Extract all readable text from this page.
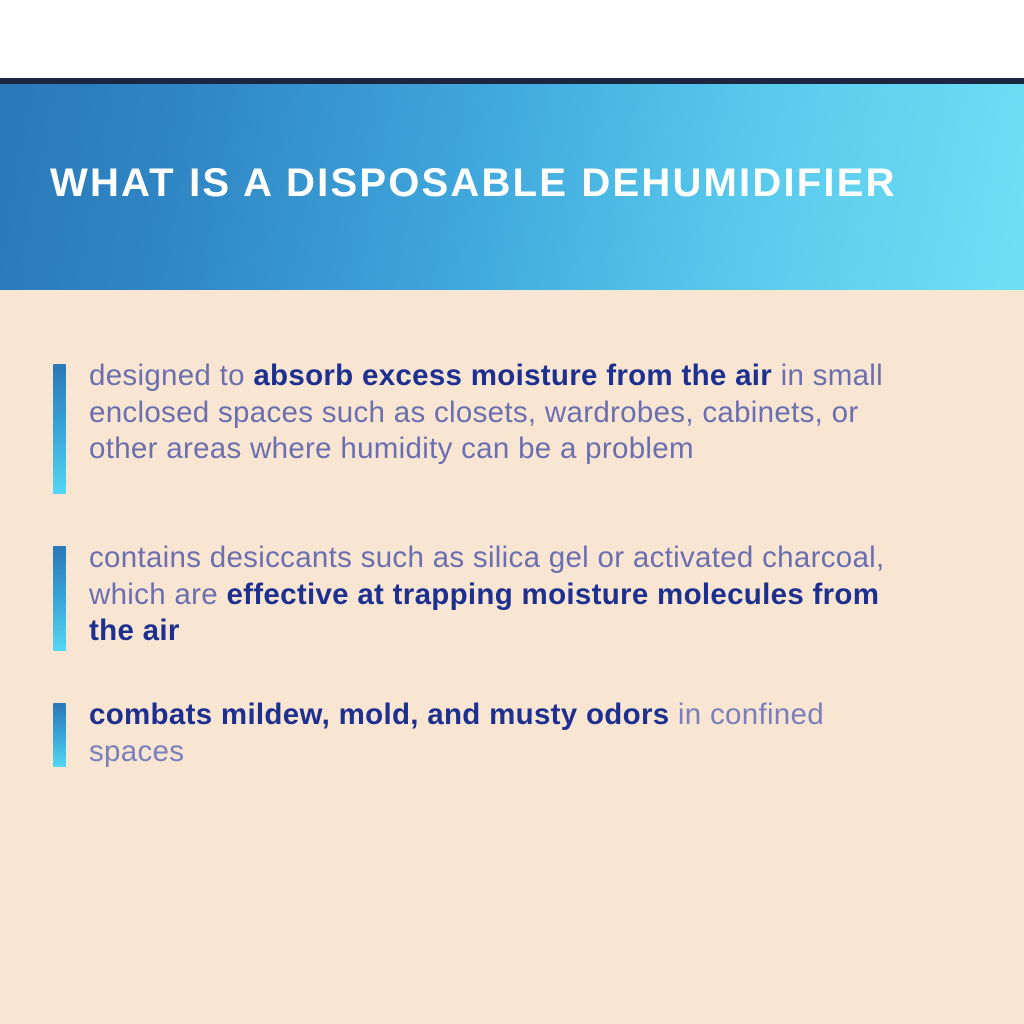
WHAT IS A DISPOSABLE DEHUMIDIFIER
designed to absorb excess moisture from the air in small enclosed spaces such as closets, wardrobes, cabinets, or other areas where humidity can be a problem
contains desiccants such as silica gel or activated charcoal, which are effective at trapping moisture molecules from the air
combats mildew, mold, and musty odors in confined spaces
